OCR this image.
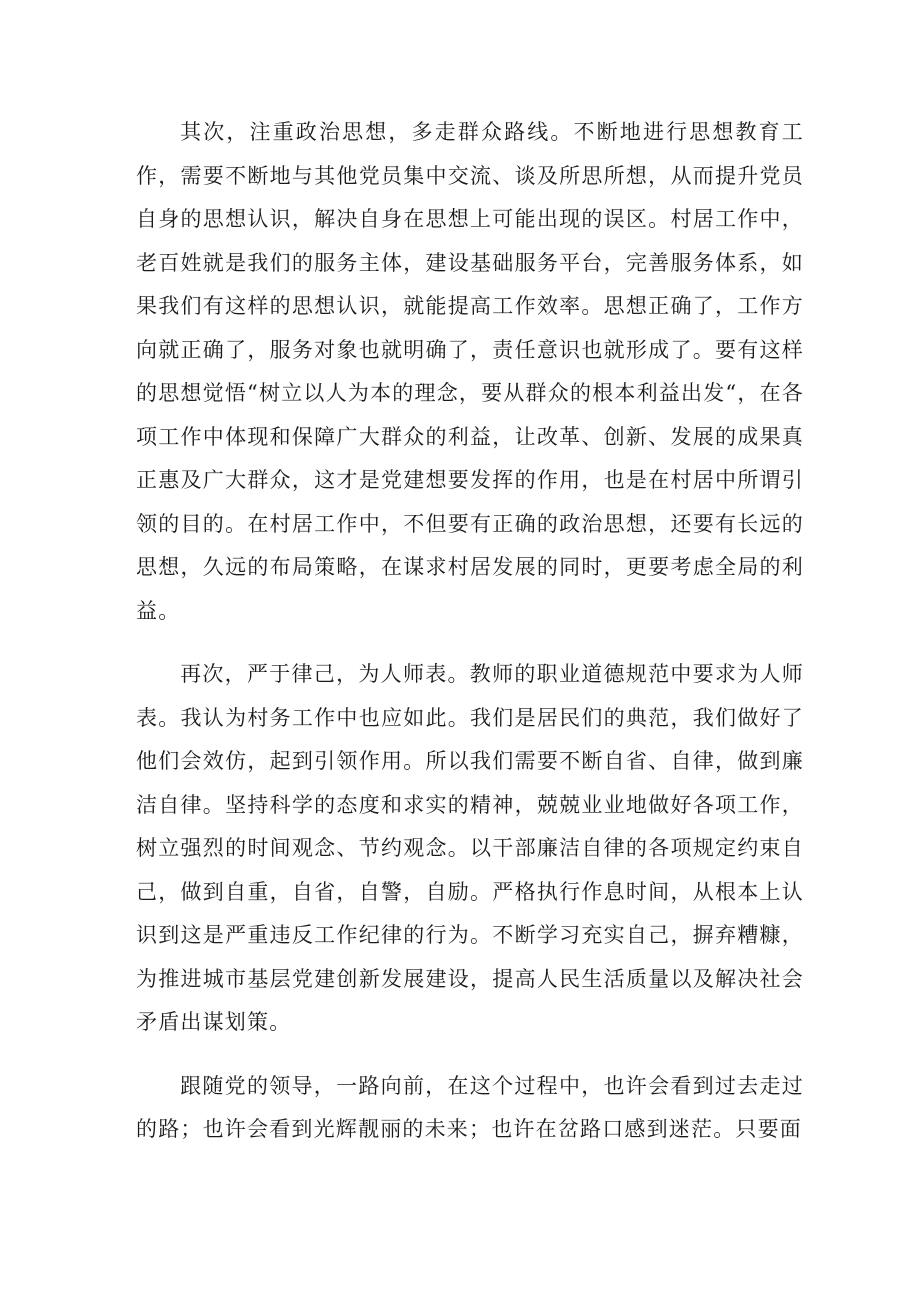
其次，注重政治思想，多走群众路线。不断地进行思想教育工作，需要不断地与其他党员集中交流、谈及所思所想，从而提升党员自身的思想认识，解决自身在思想上可能出现的误区。村居工作中，老百姓就是我们的服务主体，建设基础服务平台，完善服务体系，如果我们有这样的思想认识，就能提高工作效率。思想正确了，工作方向就正确了，服务对象也就明确了，责任意识也就形成了。要有这样的思想觉悟“树立以人为本的理念，要从群众的根本利益出发“，在各项工作中体现和保障广大群众的利益，让改革、创新、发展的成果真正惠及广大群众，这才是党建想要发挥的作用，也是在村居中所谓引领的目的。在村居工作中，不但要有正确的政治思想，还要有长远的思想，久远的布局策略，在谋求村居发展的同时，更要考虑全局的利益。

再次，严于律己，为人师表。教师的职业道德规范中要求为人师表。我认为村务工作中也应如此。我们是居民们的典范，我们做好了他们会效仿，起到引领作用。所以我们需要不断自省、自律，做到廉洁自律。坚持科学的态度和求实的精神，兢兢业业地做好各项工作，树立强烈的时间观念、节约观念。以干部廉洁自律的各项规定约束自己，做到自重，自省，自警，自励。严格执行作息时间，从根本上认识到这是严重违反工作纪律的行为。不断学习充实自己，摒弃糟糠，为推进城市基层党建创新发展建设，提高人民生活质量以及解决社会矛盾出谋划策。

跟随党的领导，一路向前，在这个过程中，也许会看到过去走过的路；也许会看到光辉靓丽的未来；也许在岔路口感到迷茫。只要面
